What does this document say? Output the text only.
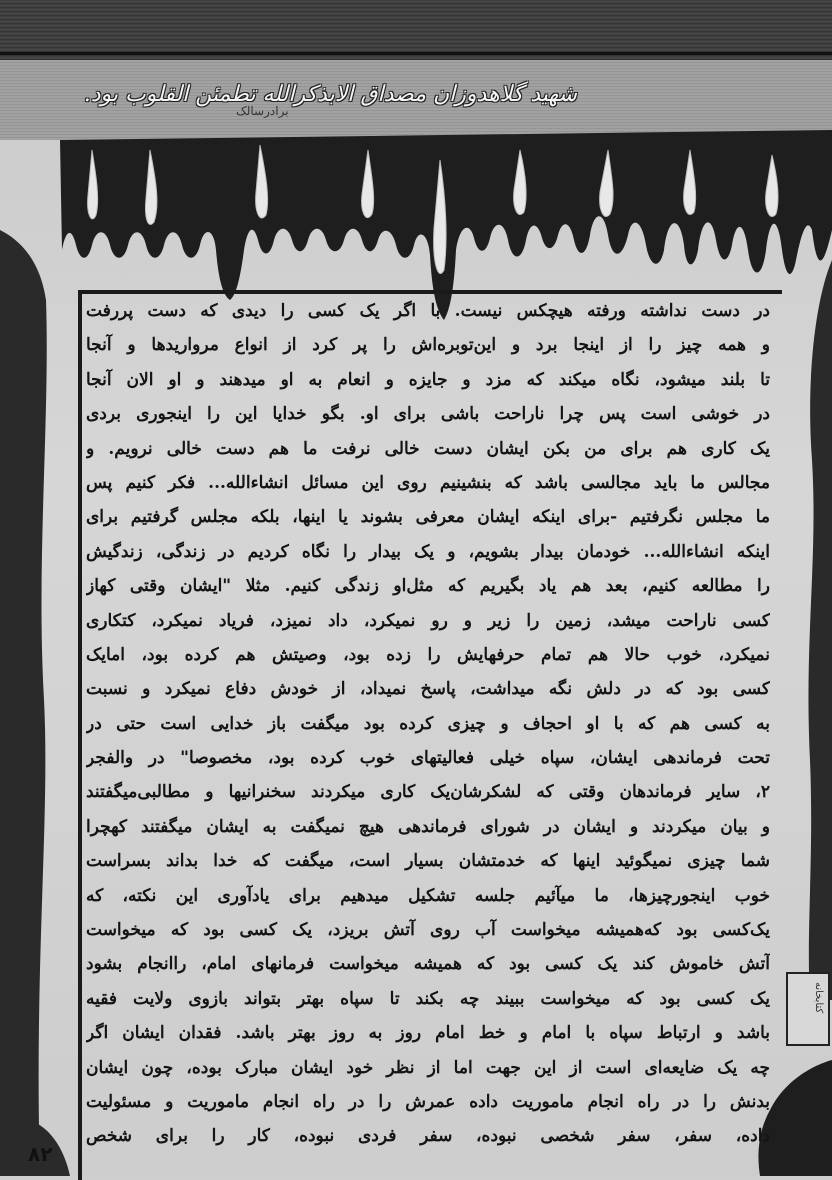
شهید گلاهدوزان مصداق الابذکرالله تطمئن القلوب بود.
برادرسالک
در دست نداشته ورفته هیچکس نیست. با اگر یک کسی را دیدی که دست پررفت
و همه چیز را از اینجا برد و این‌توبره‌اش را پر کرد از انواع مرواریدها و آنجا
تا بلند میشود، نگاه میکند که مزد و جایزه و انعام به او میدهند و او الان آنجا
در خوشی است پس چرا ناراحت باشی برای او. بگو خدایا این را اینجوری بردی
یک کاری هم برای من بکن ایشان دست خالی نرفت ما هم دست خالی نرویم. و
مجالس ما باید مجالسی باشد که بنشینیم روی این مسائل انشاءالله... فکر کنیم پس
ما مجلس نگرفتیم -برای اینکه ایشان معرفی بشوند یا اینها، بلکه مجلس گرفتیم برای
اینکه انشاءالله... خودمان بیدار بشویم، و یک بیدار را نگاه کردیم در زندگی، زندگیش
را مطالعه کنیم، بعد هم یاد بگیریم که مثل‌او زندگی کنیم. مثلا "ایشان وقتی کهاز
کسی ناراحت میشد، زمین را زیر و رو نمیکرد، داد نمیزد، فریاد نمیکرد، کتکاری
نمیکرد، خوب حالا هم تمام حرفهایش را زده بود، وصیتش هم کرده بود، امایک
کسی بود که در دلش نگه میداشت، پاسخ نمیداد، از خودش دفاع نمیکرد و نسبت
به کسی هم که با او احجاف و چیزی کرده بود میگفت باز خدایی است حتی در
تحت فرماندهی ایشان، سپاه خیلی فعالیتهای خوب کرده بود، مخصوصا" در والفجر
۲، سایر فرماندهان وقتی که لشکرشان‌یک کاری میکردند سخنرانیها و مطالبی‌میگفتند
و بیان میکردند و ایشان در شورای فرماندهی هیچ نمیگفت به ایشان میگفتند کهچرا
شما چیزی نمیگوئید اینها که خدمتشان بسیار است، میگفت که خدا بداند بسراست
خوب اینجورچیزها، ما میآئیم جلسه تشکیل میدهیم برای یادآوری این نکته، که
یک‌کسی بود که‌همیشه میخواست آب روی آتش بریزد، یک کسی بود که میخواست
آتش خاموش کند یک کسی بود که همیشه میخواست فرمانهای امام، راانجام بشود
یک کسی بود که میخواست ببیند چه بکند تا سپاه بهتر بتواند بازوی ولایت فقیه
باشد و ارتباط سپاه با امام و خط امام روز به روز بهتر باشد. فقدان ایشان اگر
چه یک ضایعه‌ای است از این جهت اما از نظر خود ایشان مبارک بوده، چون ایشان
بدنش را در راه انجام ماموریت داده عمرش را در راه انجام ماموریت و مسئولیت
داده، سفر، سفر شخصی نبوده، سفر فردی نبوده، کار را برای شخص
کتابخانه
۸۲
